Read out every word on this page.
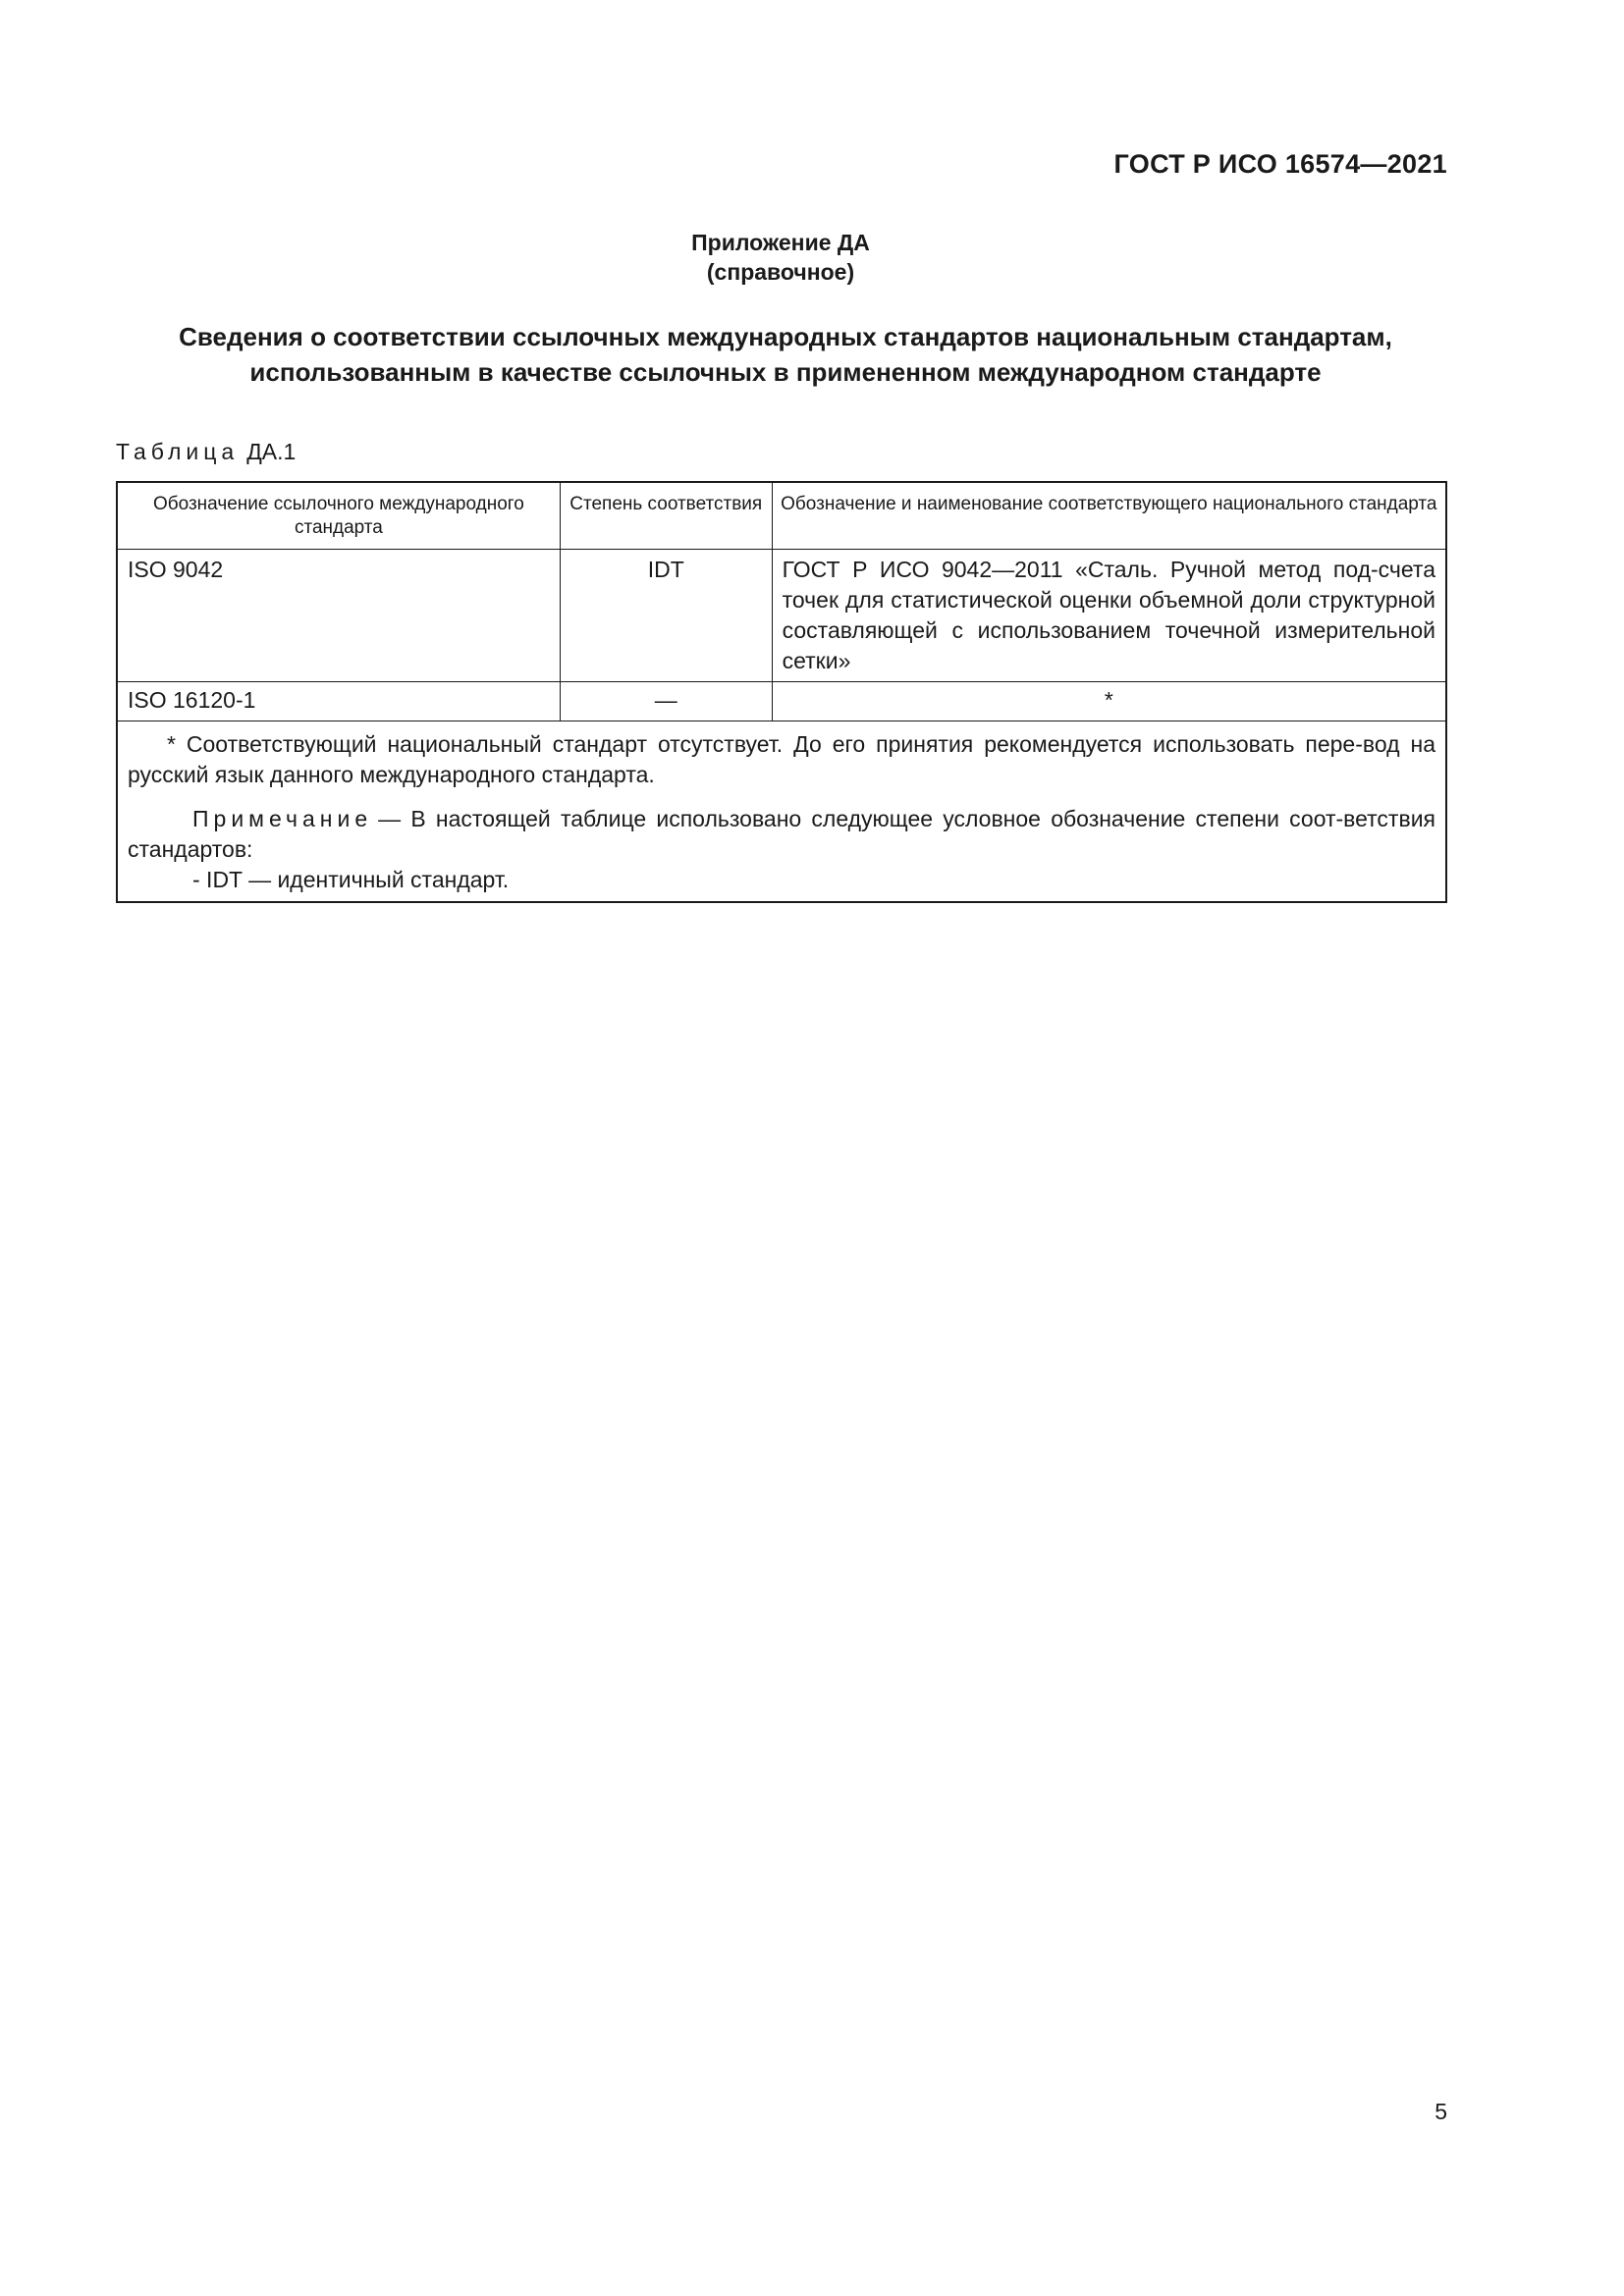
ГОСТ Р ИСО 16574—2021
Приложение ДА
(справочное)
Сведения о соответствии ссылочных международных стандартов национальным стандартам,
использованным в качестве ссылочных в примененном международном стандарте
Таблица ДА.1
Обозначение ссылочного международного стандарта	Степень соответствия	Обозначение и наименование соответствующего национального стандарта
ISO 9042	IDT	ГОСТ Р ИСО 9042—2011 «Сталь. Ручной метод под-счета точек для статистической оценки объемной доли структурной составляющей с использованием точечной измерительной сетки»
ISO 16120-1	—	*

* Соответствующий национальный стандарт отсутствует. До его принятия рекомендуется использовать пере-вод на русский язык данного международного стандарта.
Примечание — В настоящей таблице использовано следующее условное обозначение степени соот-ветствия стандартов:
- IDT — идентичный стандарт.		
5
